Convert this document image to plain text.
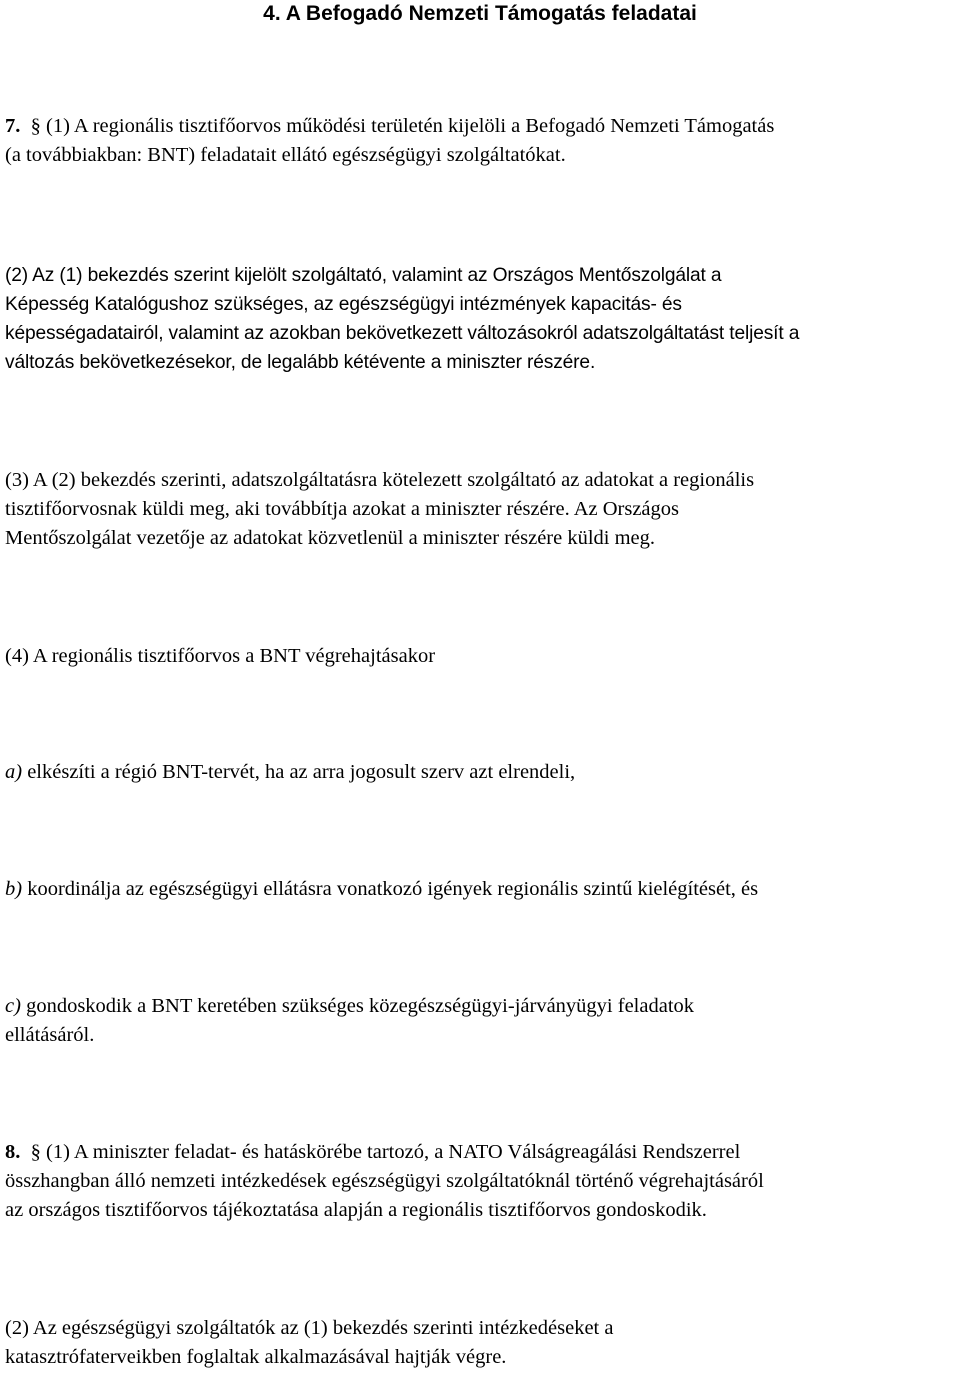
4. A Befogadó Nemzeti Támogatás feladatai

7. § (1) A regionális tisztifőorvos működési területén kijelöli a Befogadó Nemzeti Támogatás
(a továbbiakban: BNT) feladatait ellátó egészségügyi szolgáltatókat.

(2) Az (1) bekezdés szerint kijelölt szolgáltató, valamint az Országos Mentőszolgálat a
Képesség Katalógushoz szükséges, az egészségügyi intézmények kapacitás- és
képességadatairól, valamint az azokban bekövetkezett változásokról adatszolgáltatást teljesít a
változás bekövetkezésekor, de legalább kétévente a miniszter részére.

(3) A (2) bekezdés szerinti, adatszolgáltatásra kötelezett szolgáltató az adatokat a regionális
tisztifőorvosnak küldi meg, aki továbbítja azokat a miniszter részére. Az Országos
Mentőszolgálat vezetője az adatokat közvetlenül a miniszter részére küldi meg.

(4) A regionális tisztifőorvos a BNT végrehajtásakor

a) elkészíti a régió BNT-tervét, ha az arra jogosult szerv azt elrendeli,

b) koordinálja az egészségügyi ellátásra vonatkozó igények regionális szintű kielégítését, és

c) gondoskodik a BNT keretében szükséges közegészségügyi-járványügyi feladatok
ellátásáról.

8. § (1) A miniszter feladat- és hatáskörébe tartozó, a NATO Válságreagálási Rendszerrel
összhangban álló nemzeti intézkedések egészségügyi szolgáltatóknál történő végrehajtásáról
az országos tisztifőorvos tájékoztatása alapján a regionális tisztifőorvos gondoskodik.

(2) Az egészségügyi szolgáltatók az (1) bekezdés szerinti intézkedéseket a
katasztrófaterveikben foglaltak alkalmazásával hajtják végre.
